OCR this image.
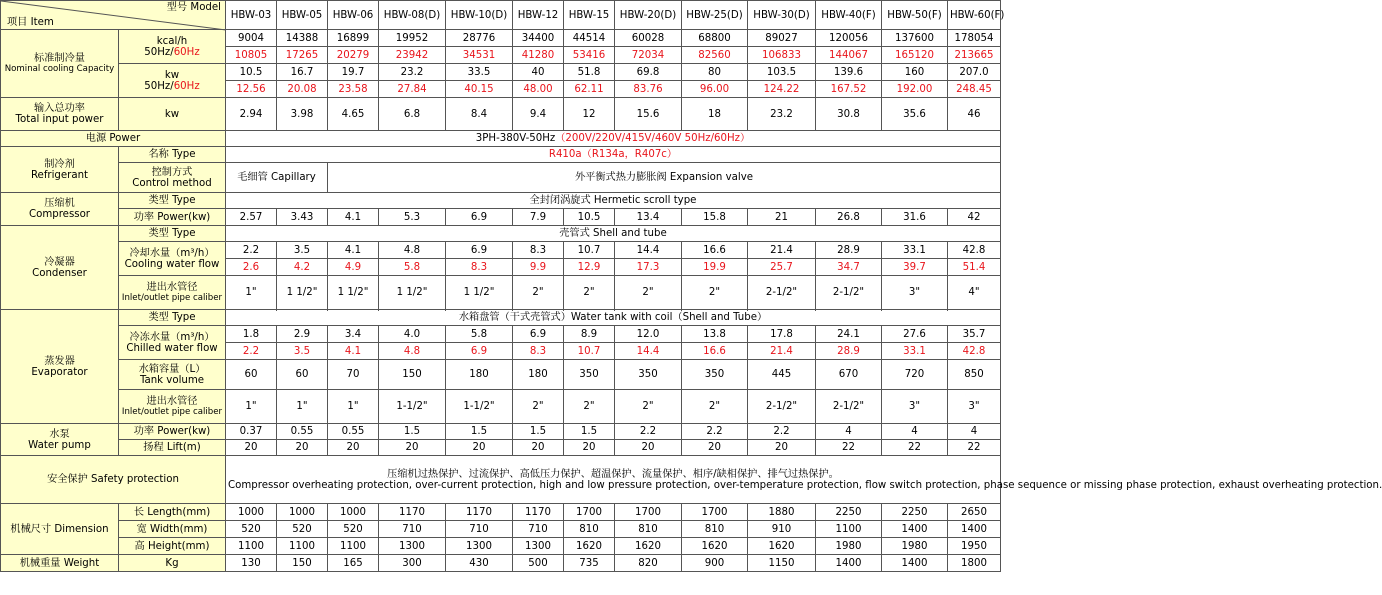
型号 Model
项目 Item		HBW-03	HBW-05	HBW-06	HBW-08(D)	HBW-10(D)	HBW-12	HBW-15	HBW-20(D)	HBW-25(D)	HBW-30(D)	HBW-40(F)	HBW-50(F)	HBW-60(F)

标准制冷量
Nominal cooling Capacity	kcal/h
50Hz/60Hz	9004	14388	16899	19952	28776	34400	44514	60028	68800	89027	120056	137600	178054
		10805	17265	20279	23942	34531	41280	53416	72034	82560	106833	144067	165120	213665

	kw
50Hz/60Hz	10.5	16.7	19.7	23.2	33.5	40	51.8	69.8	80	103.5	139.6	160	207.0
		12.56	20.08	23.58	27.84	40.15	48.00	62.11	83.76	96.00	124.22	167.52	192.00	248.45

输入总功率
Total input power	kw	2.94	3.98	4.65	6.8	8.4	9.4	12	15.6	18	23.2	30.8	35.6	46
电源 Power		3PH-380V-50Hz（200V/220V/415V/460V 50Hz/60Hz）												

制冷剂
Refrigerant	名称 Type	R410a（R134a，R407c）												

	控制方式
Control method	毛细管 Capillary		外平衡式热力膨胀阀 Expansion valve										

压缩机
Compressor	类型 Type	全封闭涡旋式 Hermetic scroll type												
	功率 Power(kw)	2.57	3.43	4.1	5.3	6.9	7.9	10.5	13.4	15.8	21	26.8	31.6	42

冷凝器
Condenser	类型 Type	壳管式 Shell and tube												

	冷却水量（m³/h）
Cooling water flow	2.2	3.5	4.1	4.8	6.9	8.3	10.7	14.4	16.6	21.4	28.9	33.1	42.8
		2.6	4.2	4.9	5.8	8.3	9.9	12.9	17.3	19.9	25.7	34.7	39.7	51.4

	进出水管径
Inlet/outlet pipe caliber	1"	1 1/2"	1 1/2"	1 1/2"	1 1/2"	2"	2"	2"	2"	2-1/2"	2-1/2"	3"	4"

蒸发器
Evaporator	类型 Type	水箱盘管（干式壳管式）Water tank with coil（Shell and Tube）												

	冷冻水量（m³/h）
Chilled water flow	1.8	2.9	3.4	4.0	5.8	6.9	8.9	12.0	13.8	17.8	24.1	27.6	35.7
		2.2	3.5	4.1	4.8	6.9	8.3	10.7	14.4	16.6	21.4	28.9	33.1	42.8

	水箱容量（L）
Tank volume	60	60	70	150	180	180	350	350	350	445	670	720	850

	进出水管径
Inlet/outlet pipe caliber	1"	1"	1"	1-1/2"	1-1/2"	2"	2"	2"	2"	2-1/2"	2-1/2"	3"	3"

水泵
Water pump	功率 Power(kw)	0.37	0.55	0.55	1.5	1.5	1.5	1.5	2.2	2.2	2.2	4	4	4
	扬程 Lift(m)	20	20	20	20	20	20	20	20	20	20	22	22	22
安全保护 Safety protection		压缩机过热保护、过流保护、高低压力保护、超温保护、流量保护、相序/缺相保护、排气过热保护。
Compressor overheating protection, over-current protection, high and low pressure protection, over-temperature protection, flow switch protection, phase sequence or missing phase protection, exhaust overheating protection.												

机械尺寸 Dimension	长 Length(mm)	1000	1000	1000	1170	1170	1170	1700	1700	1700	1880	2250	2250	2650
	宽 Width(mm)	520	520	520	710	710	710	810	810	810	910	1100	1400	1400
	高 Height(mm)	1100	1100	1100	1300	1300	1300	1620	1620	1620	1620	1980	1980	1950
机械重量 Weight	Kg	130	150	165	300	430	500	735	820	900	1150	1400	1400	1800
